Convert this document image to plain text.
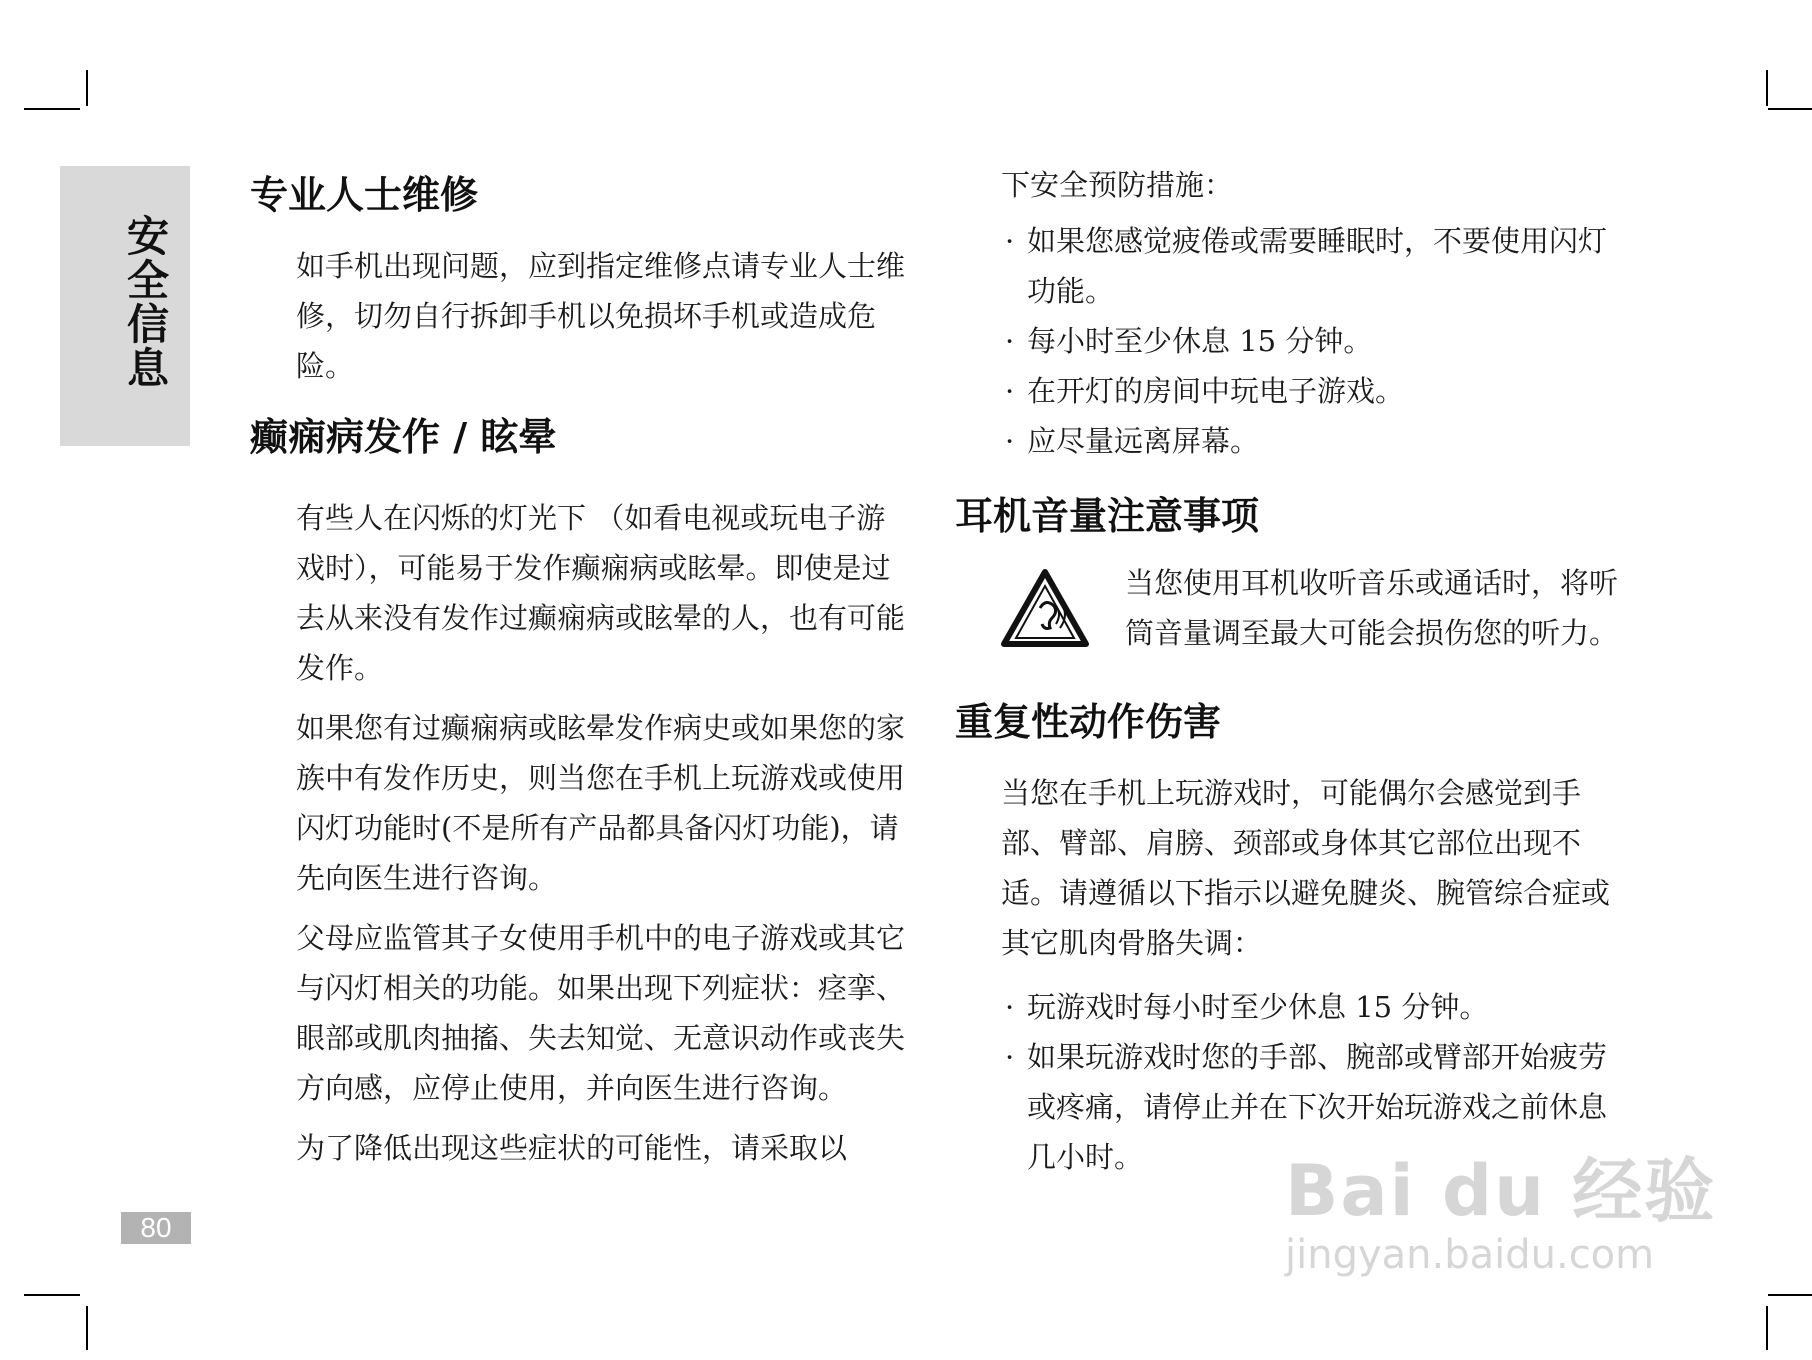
安全信息
80
专业人士维修

如手机出现问题，应到指定维修点请专业人士维修，切勿自行拆卸手机以免损坏手机或造成危险。

癫痫病发作 / 眩晕

有些人在闪烁的灯光下 （如看电视或玩电子游戏时），可能易于发作癫痫病或眩晕。即使是过去从来没有发作过癫痫病或眩晕的人，也有可能发作。

如果您有过癫痫病或眩晕发作病史或如果您的家族中有发作历史，则当您在手机上玩游戏或使用闪灯功能时(不是所有产品都具备闪灯功能)，请先向医生进行咨询。

父母应监管其子女使用手机中的电子游戏或其它与闪灯相关的功能。如果出现下列症状：痉挛、眼部或肌肉抽搐、失去知觉、无意识动作或丧失方向感，应停止使用，并向医生进行咨询。

为了降低出现这些症状的可能性，请采取以

下安全预防措施：

· 如果您感觉疲倦或需要睡眠时，不要使用闪灯功能。
· 每小时至少休息 15 分钟。
· 在开灯的房间中玩电子游戏。
· 应尽量远离屏幕。
耳机音量注意事项

当您使用耳机收听音乐或通话时，将听筒音量调至最大可能会损伤您的听力。

重复性动作伤害

当您在手机上玩游戏时，可能偶尔会感觉到手部、臂部、肩膀、颈部或身体其它部位出现不适。请遵循以下指示以避免腱炎、腕管综合症或其它肌肉骨胳失调：

· 玩游戏时每小时至少休息 15 分钟。
· 如果玩游戏时您的手部、腕部或臂部开始疲劳或疼痛，请停止并在下次开始玩游戏之前休息几小时。	Bai du 经验
jingyan.baidu.com
